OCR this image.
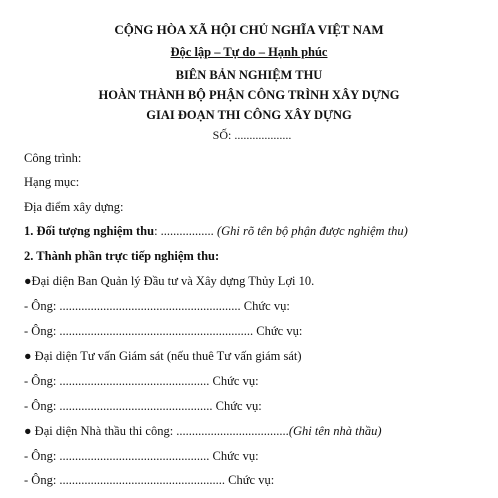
CỘNG HÒA XÃ HỘI CHỦ NGHĨA VIỆT NAM
Độc lập – Tự do – Hạnh phúc
BIÊN BẢN NGHIỆM THU
HOÀN THÀNH BỘ PHẬN CÔNG TRÌNH XÂY DỰNG
GIAI ĐOẠN THI CÔNG XÂY DỰNG
SỐ: ...................
Công trình:
Hạng mục:
Địa điểm xây dựng:
1. Đối tượng nghiệm thu: ................. (Ghi rõ tên bộ phận được nghiệm thu)
2. Thành phần trực tiếp nghiệm thu:
●Đại diện Ban Quản lý Đầu tư và Xây dựng Thủy Lợi 10.
- Ông: .......................................................... Chức vụ:
- Ông: .............................................................. Chức vụ:
● Đại diện Tư vấn Giám sát (nếu thuê Tư vấn giám sát)
- Ông: ................................................ Chức vụ:
- Ông: ................................................. Chức vụ:
● Đại diện Nhà thầu thi công: ....................................(Ghi tên nhà thầu)
- Ông: ................................................ Chức vụ:
- Ông: ..................................................... Chức vụ:
